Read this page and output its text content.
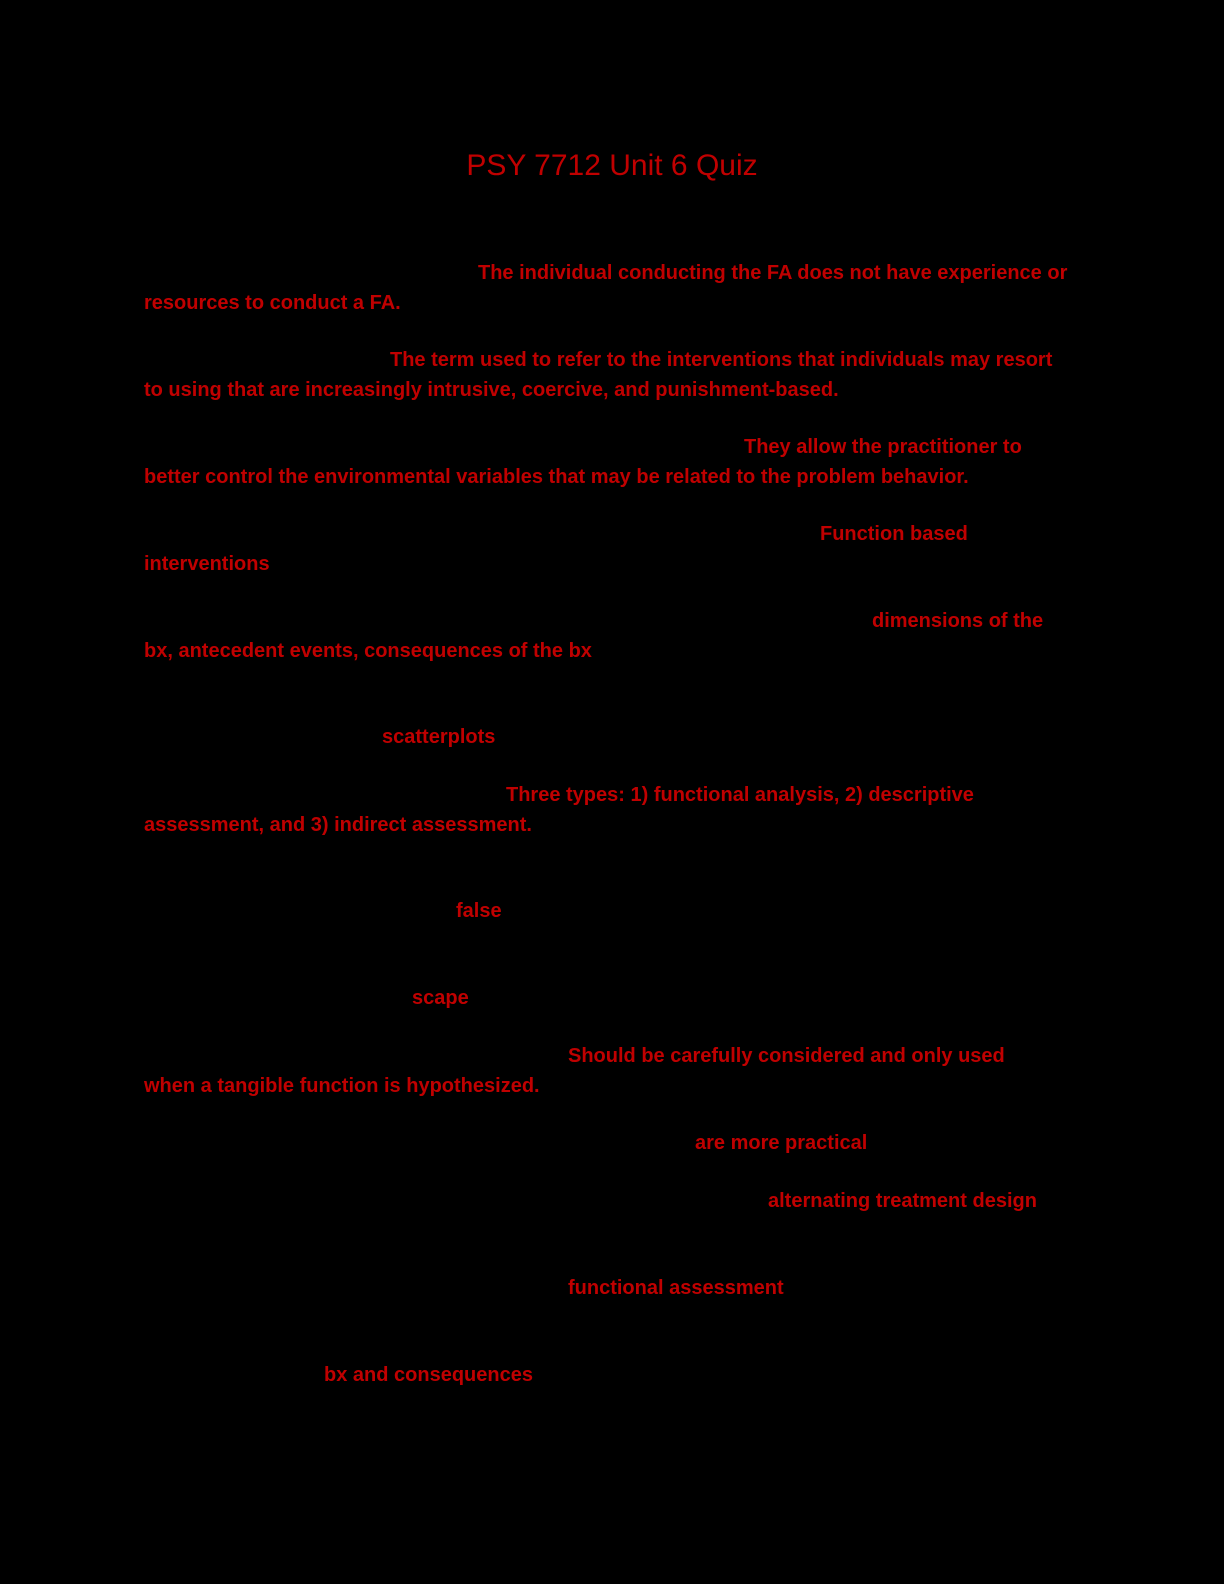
PSY 7712 Unit 6 Quiz

The individual conducting the FA does not have experience or resources to conduct a FA.

The term used to refer to the interventions that individuals may resort to using that are increasingly intrusive, coercive, and punishment-based.

They allow the practitioner to better control the environmental variables that may be related to the problem behavior.

Function based interventions

dimensions of the bx, antecedent events, consequences of the bx

scatterplots

Three types: 1) functional analysis, 2) descriptive assessment, and 3) indirect assessment.

false

scape

Should be carefully considered and only used when a tangible function is hypothesized.

are more practical

alternating treatment design

functional assessment

bx and consequences
